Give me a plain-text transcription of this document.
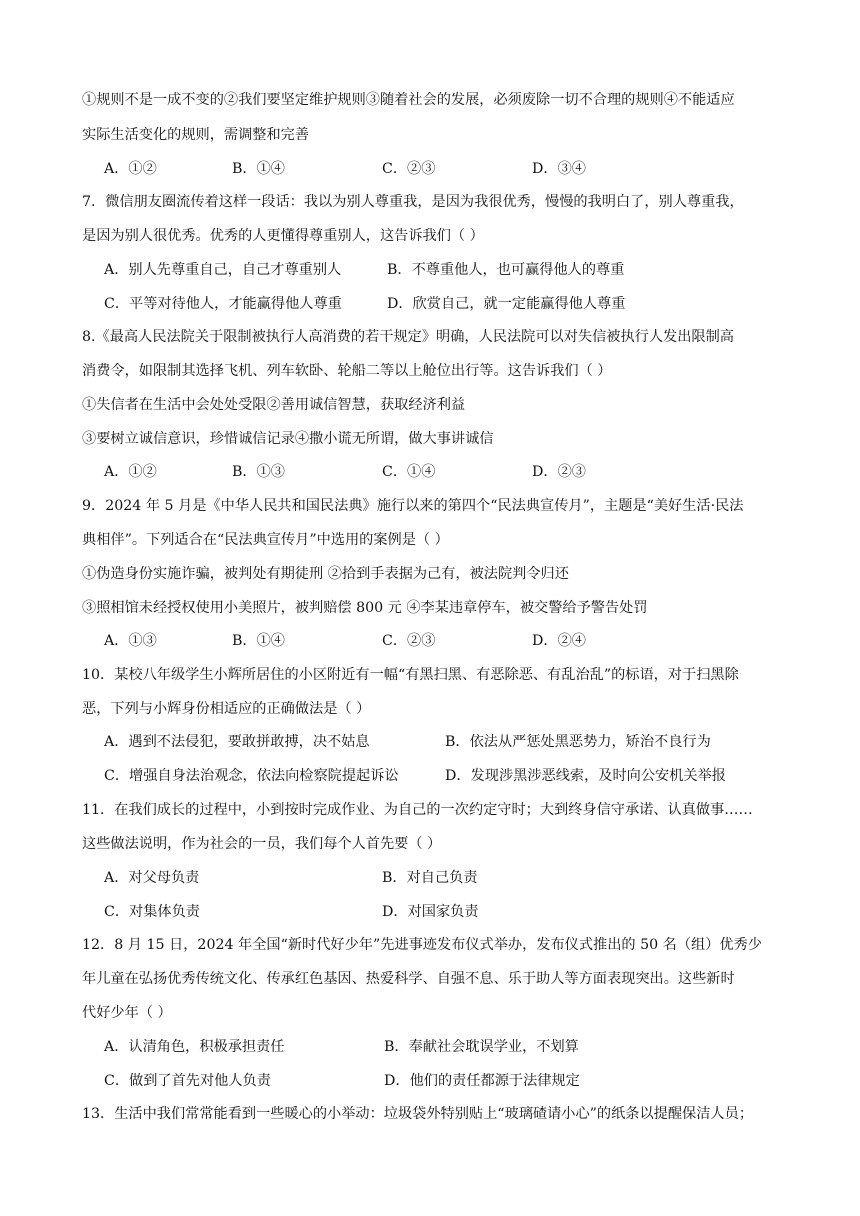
①规则不是一成不变的②我们要坚定维护规则③随着社会的发展，必须废除一切不合理的规则④不能适应
实际生活变化的规则，需调整和完善
A．①②	B．①④	C．②③	D．③④
7．微信朋友圈流传着这样一段话：我以为别人尊重我，是因为我很优秀，慢慢的我明白了，别人尊重我，
是因为别人很优秀。优秀的人更懂得尊重别人，这告诉我们（ ）
A．别人先尊重自己，自己才尊重别人	B．不尊重他人，也可赢得他人的尊重
C．平等对待他人，才能赢得他人尊重	D．欣赏自己，就一定能赢得他人尊重
8.《最高人民法院关于限制被执行人高消费的若干规定》明确，人民法院可以对失信被执行人发出限制高
消费令，如限制其选择飞机、列车软卧、轮船二等以上舱位出行等。这告诉我们（ ）
①失信者在生活中会处处受限②善用诚信智慧，获取经济利益
③要树立诚信意识，珍惜诚信记录④撒小谎无所谓，做大事讲诚信
A．①②	B．①③	C．①④	D．②③
9．2024 年 5 月是《中华人民共和国民法典》施行以来的第四个“民法典宣传月”，主题是“美好生活·民法
典相伴”。下列适合在“民法典宣传月”中选用的案例是（ ）
①伪造身份实施诈骗，被判处有期徒刑 ②拾到手表据为己有，被法院判令归还
③照相馆未经授权使用小美照片，被判赔偿 800 元 ④李某违章停车，被交警给予警告处罚
A．①③	B．①④	C．②③	D．②④
10．某校八年级学生小辉所居住的小区附近有一幅“有黑扫黑、有恶除恶、有乱治乱”的标语，对于扫黑除
恶，下列与小辉身份相适应的正确做法是（ ）
A．遇到不法侵犯，要敢拼敢搏，决不姑息	B．依法从严惩处黑恶势力，矫治不良行为
C．增强自身法治观念，依法向检察院提起诉讼	D．发现涉黑涉恶线索，及时向公安机关举报
11．在我们成长的过程中，小到按时完成作业、为自己的一次约定守时；大到终身信守承诺、认真做事……
这些做法说明，作为社会的一员，我们每个人首先要（ ）
A．对父母负责	B．对自己负责
C．对集体负责	D．对国家负责
12．8 月 15 日，2024 年全国“新时代好少年”先进事迹发布仪式举办，发布仪式推出的 50 名（组）优秀少
年儿童在弘扬优秀传统文化、传承红色基因、热爱科学、自强不息、乐于助人等方面表现突出。这些新时
代好少年（ ）
A．认清角色，积极承担责任	B．奉献社会耽误学业，不划算
C．做到了首先对他人负责	D．他们的责任都源于法律规定
13．生活中我们常常能看到一些暖心的小举动：垃圾袋外特别贴上“玻璃碴请小心”的纸条以提醒保洁人员；
